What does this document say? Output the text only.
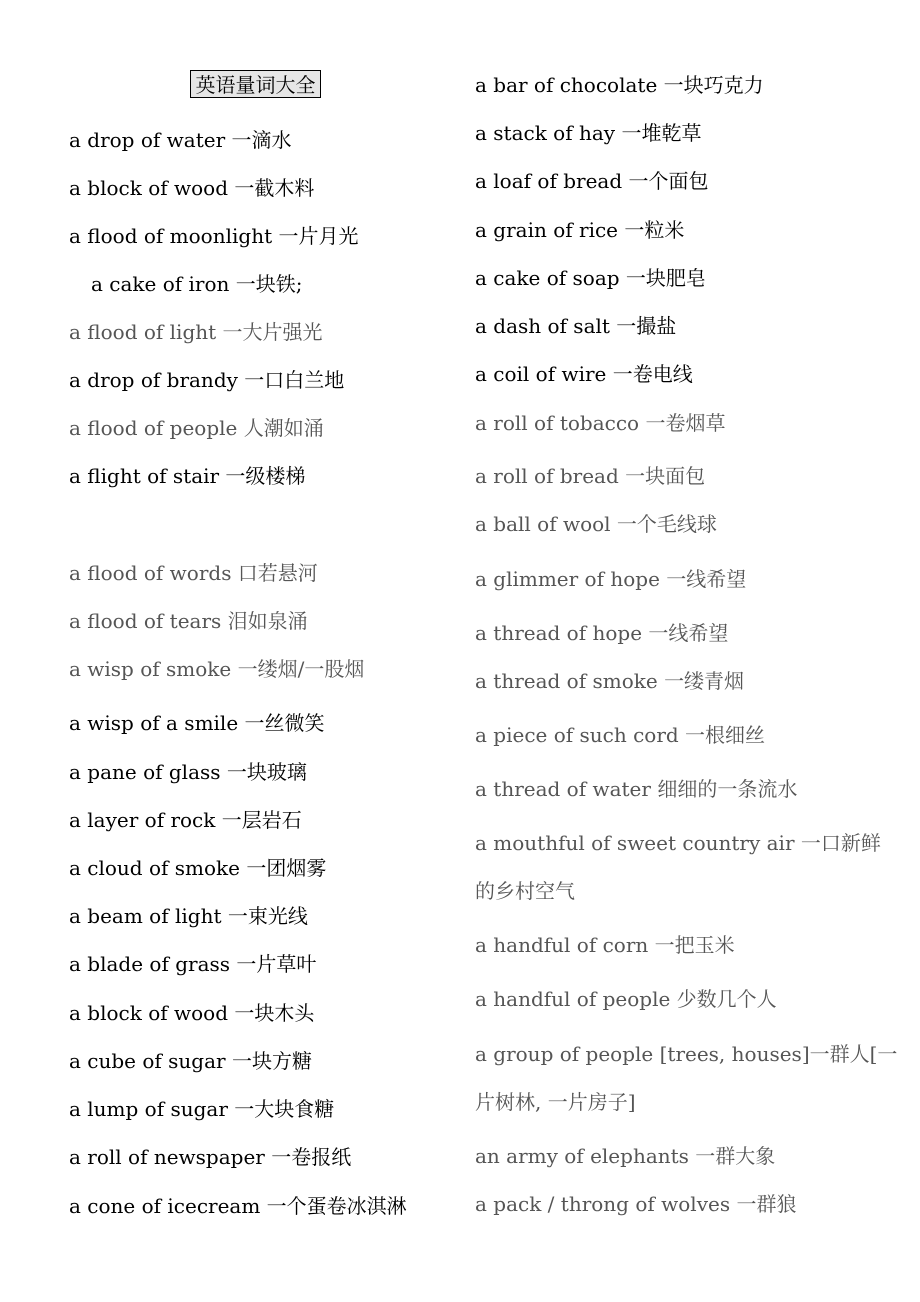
英语量词大全
a drop of water 一滴水
a block of wood 一截木料
a flood of moonlight 一片月光
a cake of iron 一块铁;
a flood of light 一大片强光
a drop of brandy 一口白兰地
a flood of people 人潮如涌
a flight of stair 一级楼梯
a flood of words 口若悬河
a flood of tears 泪如泉涌
a wisp of smoke 一缕烟/一股烟
a wisp of a smile 一丝微笑
a pane of glass 一块玻璃
a layer of rock 一层岩石
a cloud of smoke 一团烟雾
a beam of light 一束光线
a blade of grass 一片草叶
a block of wood 一块木头
a cube of sugar 一块方糖
a lump of sugar 一大块食糖
a roll of newspaper 一卷报纸
a cone of icecream 一个蛋卷冰淇淋
a bar of chocolate 一块巧克力
a stack of hay 一堆乾草
a loaf of bread 一个面包
a grain of rice 一粒米
a cake of soap 一块肥皂
a dash of salt 一撮盐
a coil of wire 一卷电线
a roll of tobacco 一卷烟草
a roll of bread 一块面包
a ball of wool 一个毛线球
a glimmer of hope 一线希望
a thread of hope 一线希望
a thread of smoke 一缕青烟
a piece of such cord 一根细丝
a thread of water 细细的一条流水
a mouthful of sweet country air 一口新鲜
的乡村空气
a handful of corn 一把玉米
a handful of people 少数几个人
a group of people [trees, houses]一群人[一
片树林, 一片房子]
an army of elephants 一群大象
a pack / throng of wolves 一群狼
